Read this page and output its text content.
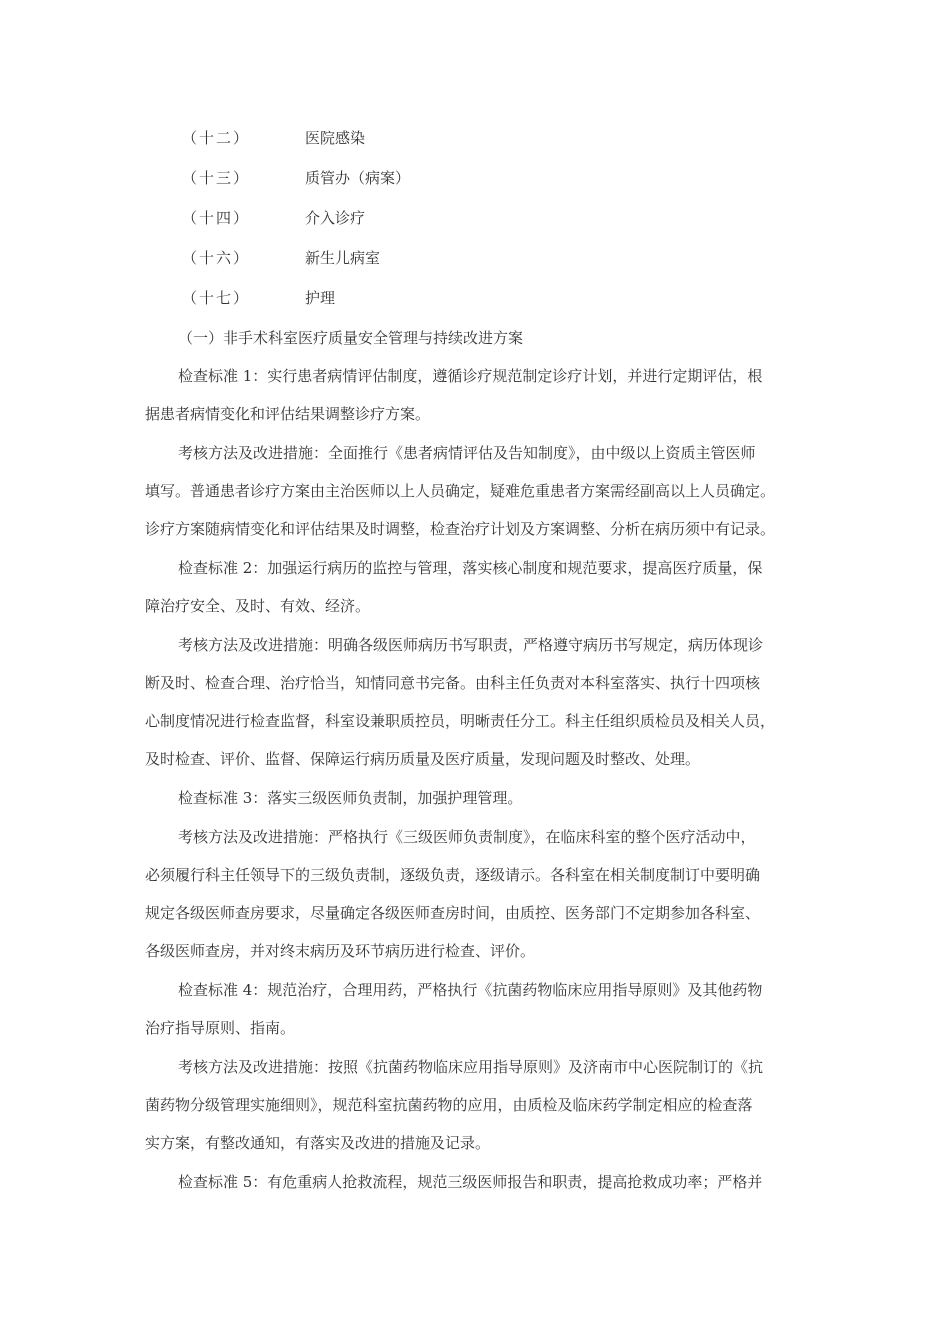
（十二）	医院感染
（十三）	质管办（病案）
（十四）	介入诊疗
（十六）	新生儿病室
（十七）	护理
（一）非手术科室医疗质量安全管理与持续改进方案
检查标准 1：实行患者病情评估制度，遵循诊疗规范制定诊疗计划，并进行定期评估，根
据患者病情变化和评估结果调整诊疗方案。
考核方法及改进措施：全面推行《患者病情评估及告知制度》，由中级以上资质主管医师
填写。普通患者诊疗方案由主治医师以上人员确定，疑难危重患者方案需经副高以上人员确定。
诊疗方案随病情变化和评估结果及时调整，检查治疗计划及方案调整、分析在病历须中有记录。
检查标准 2：加强运行病历的监控与管理，落实核心制度和规范要求，提高医疗质量，保
障治疗安全、及时、有效、经济。
考核方法及改进措施：明确各级医师病历书写职责，严格遵守病历书写规定，病历体现诊
断及时、检查合理、治疗恰当，知情同意书完备。由科主任负责对本科室落实、执行十四项核
心制度情况进行检查监督，科室设兼职质控员，明晰责任分工。科主任组织质检员及相关人员，
及时检查、评价、监督、保障运行病历质量及医疗质量，发现问题及时整改、处理。
检查标准 3：落实三级医师负责制，加强护理管理。
考核方法及改进措施：严格执行《三级医师负责制度》，在临床科室的整个医疗活动中，
必须履行科主任领导下的三级负责制，逐级负责，逐级请示。各科室在相关制度制订中要明确
规定各级医师查房要求，尽量确定各级医师查房时间，由质控、医务部门不定期参加各科室、
各级医师查房，并对终末病历及环节病历进行检查、评价。
检查标准 4：规范治疗，合理用药，严格执行《抗菌药物临床应用指导原则》及其他药物
治疗指导原则、指南。
考核方法及改进措施：按照《抗菌药物临床应用指导原则》及济南市中心医院制订的《抗
菌药物分级管理实施细则》，规范科室抗菌药物的应用，由质检及临床药学制定相应的检查落
实方案，有整改通知，有落实及改进的措施及记录。
检查标准 5：有危重病人抢救流程，规范三级医师报告和职责，提高抢救成功率；严格并
